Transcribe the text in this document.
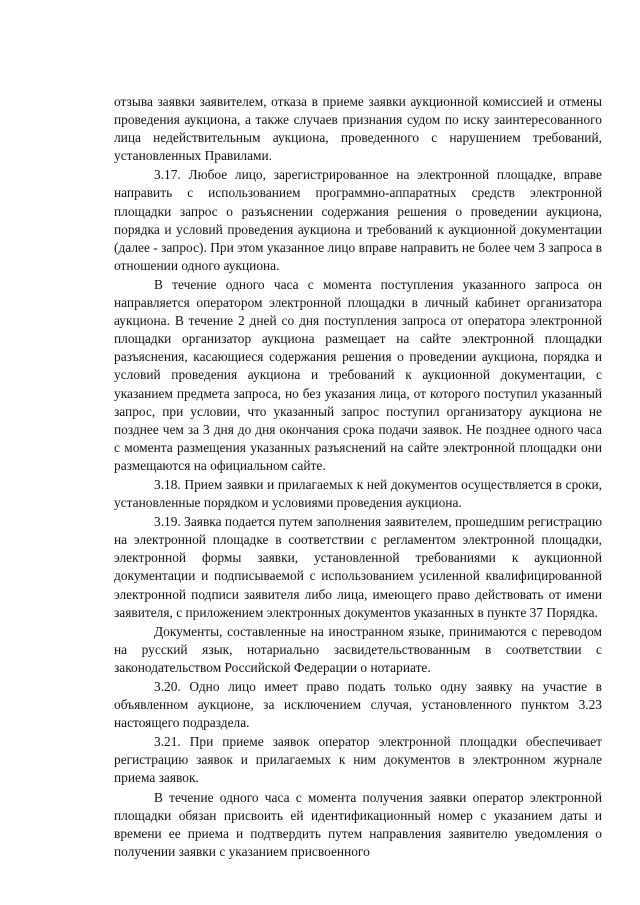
отзыва заявки заявителем, отказа в приеме заявки аукционной комиссией и отмены проведения аукциона, а также случаев признания судом по иску заинтересованного лица недействительным аукциона, проведенного с нарушением требований, установленных Правилами.

3.17. Любое лицо, зарегистрированное на электронной площадке, вправе направить с использованием программно-аппаратных средств электронной площадки запрос о разъяснении содержания решения о проведении аукциона, порядка и условий проведения аукциона и требований к аукционной документации (далее - запрос). При этом указанное лицо вправе направить не более чем 3 запроса в отношении одного аукциона.

В течение одного часа с момента поступления указанного запроса он направляется оператором электронной площадки в личный кабинет организатора аукциона. В течение 2 дней со дня поступления запроса от оператора электронной площадки организатор аукциона размещает на сайте электронной площадки разъяснения, касающиеся содержания решения о проведении аукциона, порядка и условий проведения аукциона и требований к аукционной документации, с указанием предмета запроса, но без указания лица, от которого поступил указанный запрос, при условии, что указанный запрос поступил организатору аукциона не позднее чем за 3 дня до дня окончания срока подачи заявок. Не позднее одного часа с момента размещения указанных разъяснений на сайте электронной площадки они размещаются на официальном сайте.

3.18. Прием заявки и прилагаемых к ней документов осуществляется в сроки, установленные порядком и условиями проведения аукциона.

3.19. Заявка подается путем заполнения заявителем, прошедшим регистрацию на электронной площадке в соответствии с регламентом электронной площадки, электронной формы заявки, установленной требованиями к аукционной документации и подписываемой с использованием усиленной квалифицированной электронной подписи заявителя либо лица, имеющего право действовать от имени заявителя, с приложением электронных документов указанных в пункте 37 Порядка.

Документы, составленные на иностранном языке, принимаются с переводом на русский язык, нотариально засвидетельствованным в соответствии с законодательством Российской Федерации о нотариате.

3.20. Одно лицо имеет право подать только одну заявку на участие в объявленном аукционе, за исключением случая, установленного пунктом 3.23 настоящего подраздела.

3.21. При приеме заявок оператор электронной площадки обеспечивает регистрацию заявок и прилагаемых к ним документов в электронном журнале приема заявок.

В течение одного часа с момента получения заявки оператор электронной площадки обязан присвоить ей идентификационный номер с указанием даты и времени ее приема и подтвердить путем направления заявителю уведомления о получении заявки с указанием присвоенного
